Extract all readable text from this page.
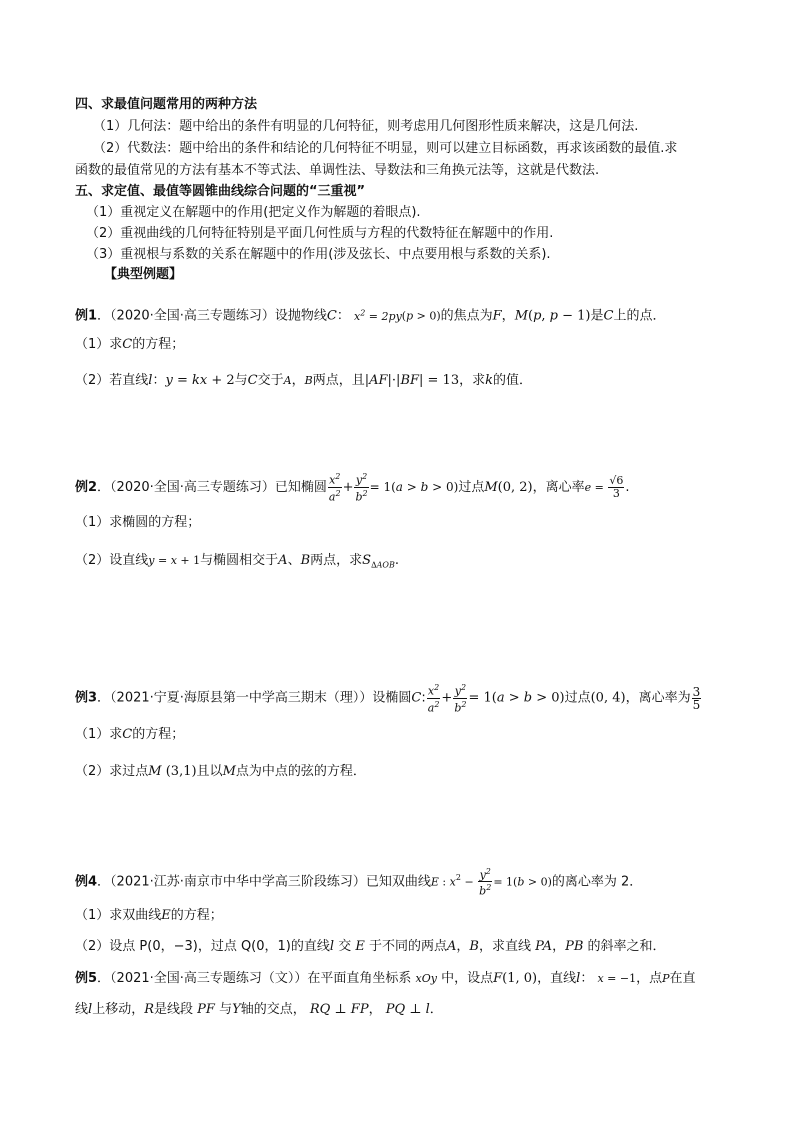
四、求最值问题常用的两种方法
（1）几何法：题中给出的条件有明显的几何特征，则考虑用几何图形性质来解决，这是几何法.
（2）代数法：题中给出的条件和结论的几何特征不明显，则可以建立目标函数，再求该函数的最值.求
函数的最值常见的方法有基本不等式法、单调性法、导数法和三角换元法等，这就是代数法.
五、求定值、最值等圆锥曲线综合问题的“三重视”
（1）重视定义在解题中的作用(把定义作为解题的着眼点).
（2）重视曲线的几何特征特别是平面几何性质与方程的代数特征在解题中的作用.
（3）重视根与系数的关系在解题中的作用(涉及弦长、中点要用根与系数的关系).
【典型例题】
例1．（2020·全国·高三专题练习）设抛物线C： $x^2 = 2py(p > 0)$的焦点为F，M(p, p − 1)是C上的点．
（1）求C的方程；
（2）若直线l：y = kx + 2与C交于A，B两点，且|AF|·|BF| = 13，求k的值．
例2．（2020·全国·高三专题练习）已知椭圆 $\frac{x^2}{a^2} + \frac{y^2}{b^2} = 1(a > b > 0)$过点M(0, 2)，离心率$e = \frac{√6}{3}$ .
（1）求椭圆的方程；
（2）设直线y = x + 1与椭圆相交于A、B两点，求$S_{\Delta AOB}$.
例3．（2021·宁夏·海原县第一中学高三期末（理））设椭圆C: $\frac{x^2}{a^2} + \frac{y^2}{b^2} = 1(a > b > 0)$过点(0, 4)，离心率为 $\frac{3}{5}$
（1）求C的方程；
（2）求过点M (3,1)且以M点为中点的弦的方程．
例4．（2021·江苏·南京市中华中学高三阶段练习）已知双曲线E : $x^2 - \frac{y^2}{b^2} = 1(b > 0)$的离心率为 2．
（1）求双曲线E的方程；
（2）设点 P(0，−3)，过点 Q(0，1)的直线l 交 E 于不同的两点A，B，求直线 PA，PB 的斜率之和．
例5．（2021·全国·高三专题练习（文））在平面直角坐标系 xOy 中，设点F(1, 0)，直线l： x = −1，点P在直
线l上移动，R是线段 PF 与Y轴的交点， RQ ⊥ FP， PQ ⊥ l．
